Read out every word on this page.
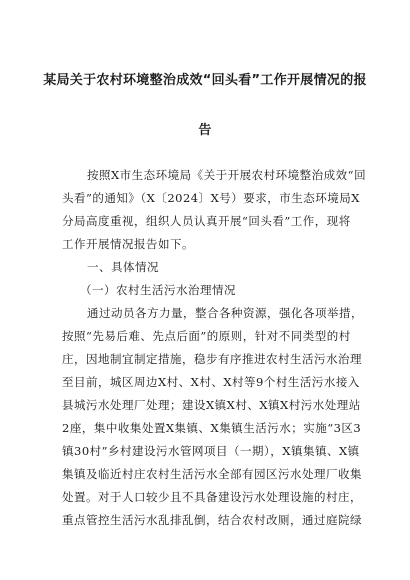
某局关于农村环境整治成效“回头看”工作开展情况的报
告
按照X市生态环境局《关于开展农村环境整治成效“回
头看”的通知》（X〔2024〕X号）要求，市生态环境局X
分局高度重视，组织人员认真开展“回头看”工作，现将
工作开展情况报告如下。
一、具体情况
（一）农村生活污水治理情况
通过动员各方力量，整合各种资源，强化各项举措，
按照“先易后难、先点后面”的原则，针对不同类型的村
庄，因地制宜制定措施，稳步有序推进农村生活污水治理
至目前，城区周边X村、X村、X村等9个村生活污水接入
县城污水处理厂处理；建设X镇X村、X镇X村污水处理站
2座，集中收集处置X集镇、X集镇生活污水；实施“3区3
镇30村”乡村建设污水管网项目（一期），X镇集镇、X镇
集镇及临近村庄农村生活污水全部有园区污水处理厂收集
处置。对于人口较少且不具备建设污水处理设施的村庄，
重点管控生活污水乱排乱倒，结合农村改厕，通过庭院绿
